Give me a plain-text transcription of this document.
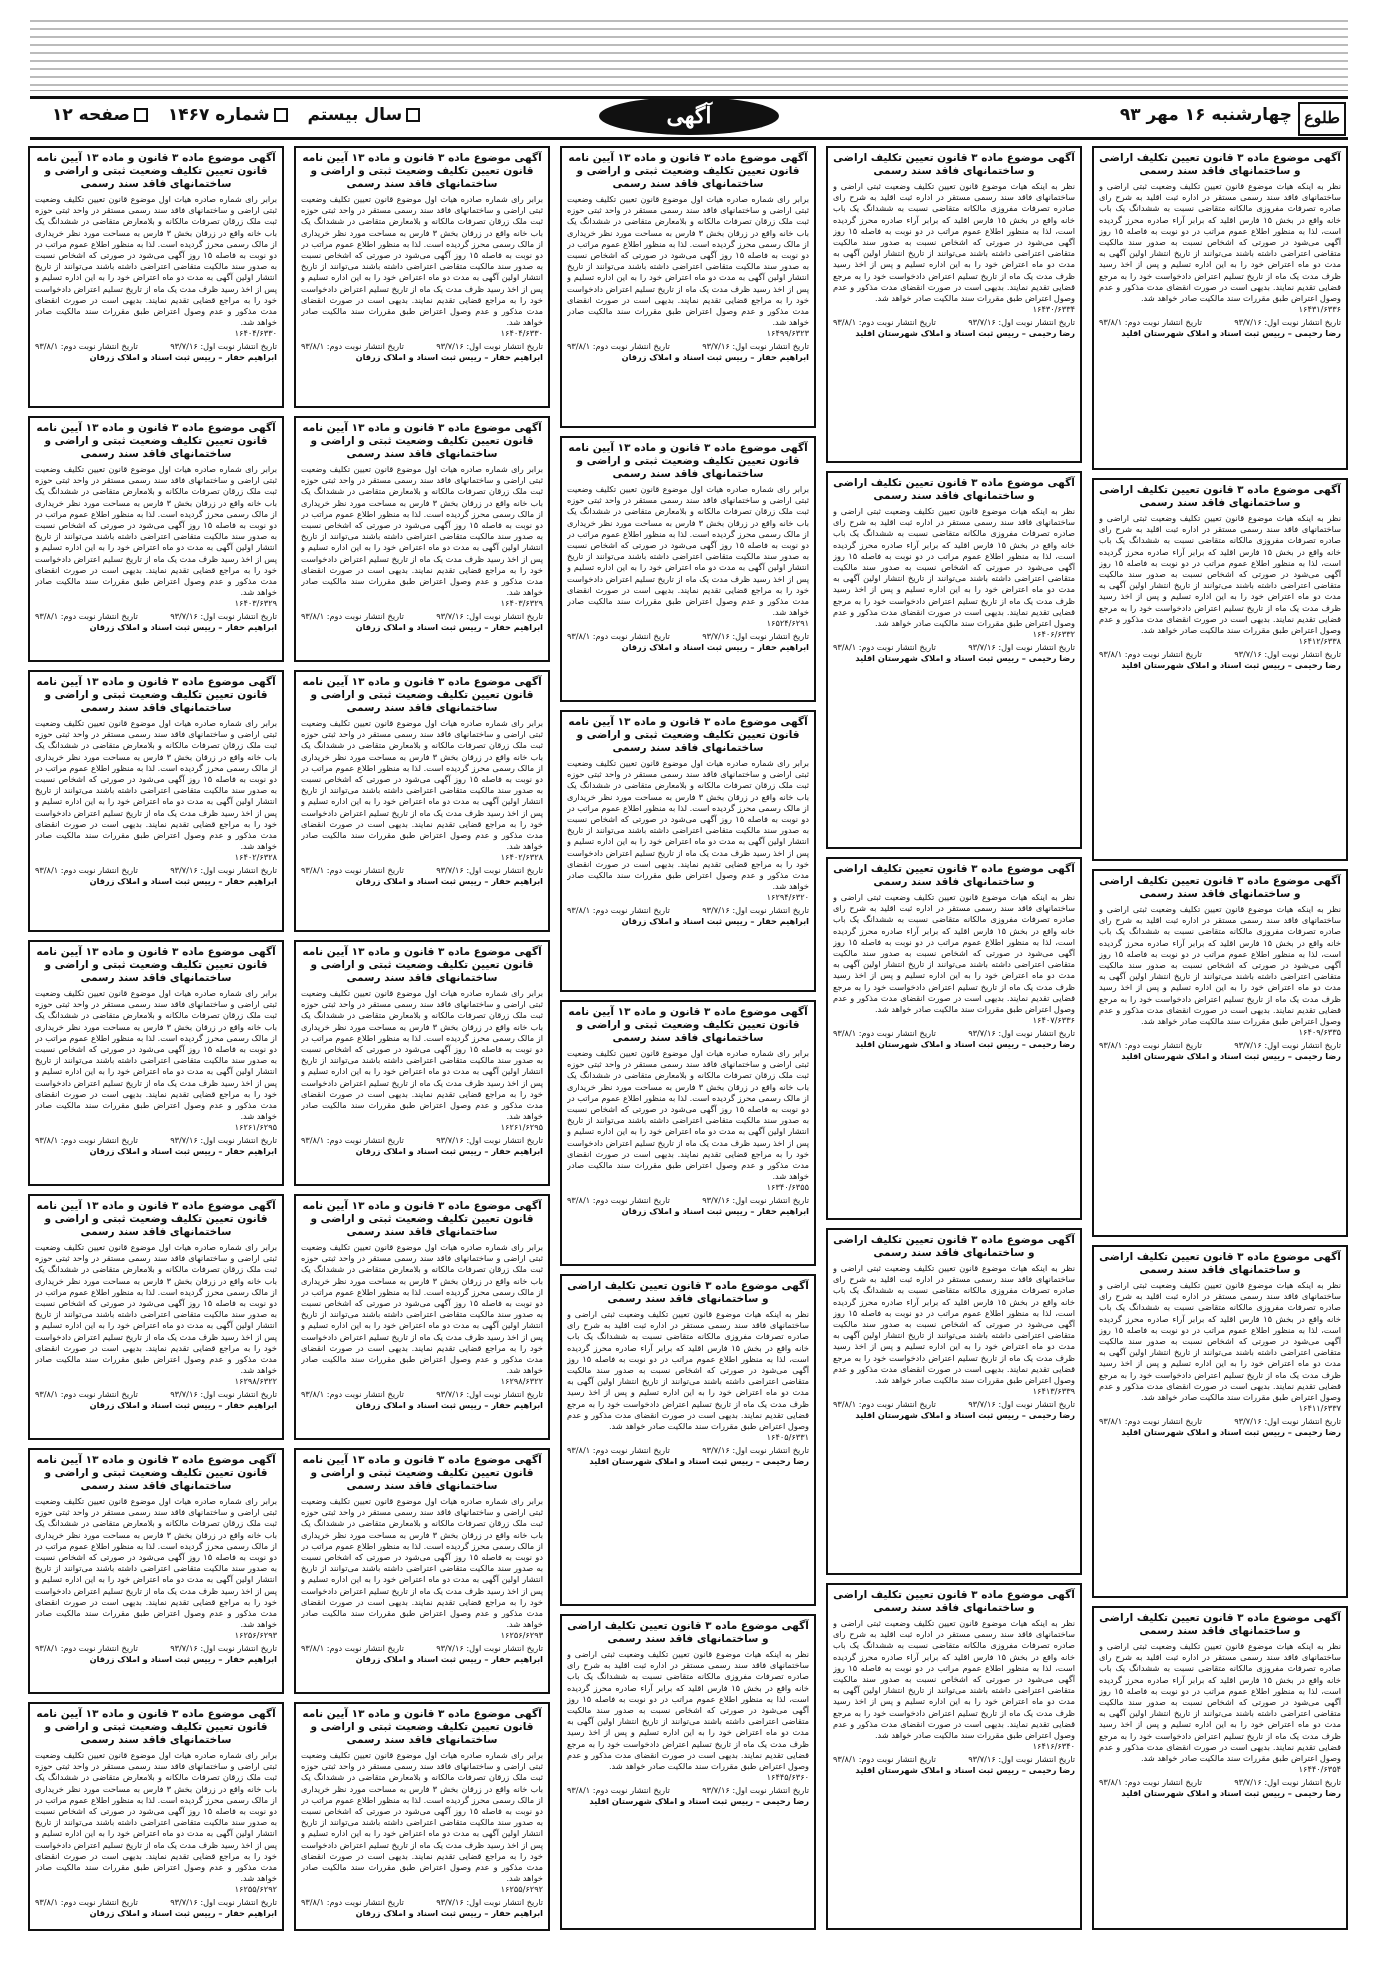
طلوع
چهارشنبه ۱۶ مهر ۹۳
آگهی
سال بیستم شماره ۱۴۶۷ صفحه ۱۲
آگهی موضوع ماده ۳ قانون تعیین تکلیف اراضی و ساختمانهای فاقد سند رسمی
نظر به اینکه هیات موضوع قانون تعیین تکلیف وضعیت ثبتی اراضی و ساختمانهای فاقد سند رسمی مستقر در اداره ثبت اقلید به شرح رای صادره تصرفات مفروزی مالکانه متقاضی نسبت به ششدانگ یک باب خانه واقع در بخش ۱۵ فارس اقلید که برابر آراء صادره محرز گردیده است، لذا به منظور اطلاع عموم مراتب در دو نوبت به فاصله ۱۵ روز آگهی می‌شود در صورتی که اشخاص نسبت به صدور سند مالکیت متقاضی اعتراضی داشته باشند می‌توانند از تاریخ انتشار اولین آگهی به مدت دو ماه اعتراض خود را به این اداره تسلیم و پس از اخذ رسید ظرف مدت یک ماه از تاریخ تسلیم اعتراض دادخواست خود را به مرجع قضایی تقدیم نمایند. بدیهی است در صورت انقضای مدت مذکور و عدم وصول اعتراض طبق مقررات سند مالکیت صادر خواهد شد.
۱۶۴۳۱/۶۳۳۶
تاریخ انتشار نوبت اول: ۹۳/۷/۱۶
تاریخ انتشار نوبت دوم: ۹۳/۸/۱
رضا رحیمی – رییس ثبت اسناد و املاک شهرستان اقلید
آگهی موضوع ماده ۳ قانون تعیین تکلیف اراضی و ساختمانهای فاقد سند رسمی
نظر به اینکه هیات موضوع قانون تعیین تکلیف وضعیت ثبتی اراضی و ساختمانهای فاقد سند رسمی مستقر در اداره ثبت اقلید به شرح رای صادره تصرفات مفروزی مالکانه متقاضی نسبت به ششدانگ یک باب خانه واقع در بخش ۱۵ فارس اقلید که برابر آراء صادره محرز گردیده است، لذا به منظور اطلاع عموم مراتب در دو نوبت به فاصله ۱۵ روز آگهی می‌شود در صورتی که اشخاص نسبت به صدور سند مالکیت متقاضی اعتراضی داشته باشند می‌توانند از تاریخ انتشار اولین آگهی به مدت دو ماه اعتراض خود را به این اداره تسلیم و پس از اخذ رسید ظرف مدت یک ماه از تاریخ تسلیم اعتراض دادخواست خود را به مرجع قضایی تقدیم نمایند. بدیهی است در صورت انقضای مدت مذکور و عدم وصول اعتراض طبق مقررات سند مالکیت صادر خواهد شد.
۱۶۴۱۲/۶۳۳۸
تاریخ انتشار نوبت اول: ۹۳/۷/۱۶
تاریخ انتشار نوبت دوم: ۹۳/۸/۱
رضا رحیمی – رییس ثبت اسناد و املاک شهرستان اقلید
آگهی موضوع ماده ۳ قانون تعیین تکلیف اراضی و ساختمانهای فاقد سند رسمی
نظر به اینکه هیات موضوع قانون تعیین تکلیف وضعیت ثبتی اراضی و ساختمانهای فاقد سند رسمی مستقر در اداره ثبت اقلید به شرح رای صادره تصرفات مفروزی مالکانه متقاضی نسبت به ششدانگ یک باب خانه واقع در بخش ۱۵ فارس اقلید که برابر آراء صادره محرز گردیده است، لذا به منظور اطلاع عموم مراتب در دو نوبت به فاصله ۱۵ روز آگهی می‌شود در صورتی که اشخاص نسبت به صدور سند مالکیت متقاضی اعتراضی داشته باشند می‌توانند از تاریخ انتشار اولین آگهی به مدت دو ماه اعتراض خود را به این اداره تسلیم و پس از اخذ رسید ظرف مدت یک ماه از تاریخ تسلیم اعتراض دادخواست خود را به مرجع قضایی تقدیم نمایند. بدیهی است در صورت انقضای مدت مذکور و عدم وصول اعتراض طبق مقررات سند مالکیت صادر خواهد شد.
۱۶۴۰۹/۶۳۳۵
تاریخ انتشار نوبت اول: ۹۳/۷/۱۶
تاریخ انتشار نوبت دوم: ۹۳/۸/۱
رضا رحیمی – رییس ثبت اسناد و املاک شهرستان اقلید
آگهی موضوع ماده ۳ قانون تعیین تکلیف اراضی و ساختمانهای فاقد سند رسمی
نظر به اینکه هیات موضوع قانون تعیین تکلیف وضعیت ثبتی اراضی و ساختمانهای فاقد سند رسمی مستقر در اداره ثبت اقلید به شرح رای صادره تصرفات مفروزی مالکانه متقاضی نسبت به ششدانگ یک باب خانه واقع در بخش ۱۵ فارس اقلید که برابر آراء صادره محرز گردیده است، لذا به منظور اطلاع عموم مراتب در دو نوبت به فاصله ۱۵ روز آگهی می‌شود در صورتی که اشخاص نسبت به صدور سند مالکیت متقاضی اعتراضی داشته باشند می‌توانند از تاریخ انتشار اولین آگهی به مدت دو ماه اعتراض خود را به این اداره تسلیم و پس از اخذ رسید ظرف مدت یک ماه از تاریخ تسلیم اعتراض دادخواست خود را به مرجع قضایی تقدیم نمایند. بدیهی است در صورت انقضای مدت مذکور و عدم وصول اعتراض طبق مقررات سند مالکیت صادر خواهد شد.
۱۶۴۱۱/۶۳۳۷
تاریخ انتشار نوبت اول: ۹۳/۷/۱۶
تاریخ انتشار نوبت دوم: ۹۳/۸/۱
رضا رحیمی – رییس ثبت اسناد و املاک شهرستان اقلید
آگهی موضوع ماده ۳ قانون تعیین تکلیف اراضی و ساختمانهای فاقد سند رسمی
نظر به اینکه هیات موضوع قانون تعیین تکلیف وضعیت ثبتی اراضی و ساختمانهای فاقد سند رسمی مستقر در اداره ثبت اقلید به شرح رای صادره تصرفات مفروزی مالکانه متقاضی نسبت به ششدانگ یک باب خانه واقع در بخش ۱۵ فارس اقلید که برابر آراء صادره محرز گردیده است، لذا به منظور اطلاع عموم مراتب در دو نوبت به فاصله ۱۵ روز آگهی می‌شود در صورتی که اشخاص نسبت به صدور سند مالکیت متقاضی اعتراضی داشته باشند می‌توانند از تاریخ انتشار اولین آگهی به مدت دو ماه اعتراض خود را به این اداره تسلیم و پس از اخذ رسید ظرف مدت یک ماه از تاریخ تسلیم اعتراض دادخواست خود را به مرجع قضایی تقدیم نمایند. بدیهی است در صورت انقضای مدت مذکور و عدم وصول اعتراض طبق مقررات سند مالکیت صادر خواهد شد.
۱۶۴۴۰/۶۳۵۴
تاریخ انتشار نوبت اول: ۹۳/۷/۱۶
تاریخ انتشار نوبت دوم: ۹۳/۸/۱
رضا رحیمی – رییس ثبت اسناد و املاک شهرستان اقلید
آگهی موضوع ماده ۳ قانون تعیین تکلیف اراضی و ساختمانهای فاقد سند رسمی
نظر به اینکه هیات موضوع قانون تعیین تکلیف وضعیت ثبتی اراضی و ساختمانهای فاقد سند رسمی مستقر در اداره ثبت اقلید به شرح رای صادره تصرفات مفروزی مالکانه متقاضی نسبت به ششدانگ یک باب خانه واقع در بخش ۱۵ فارس اقلید که برابر آراء صادره محرز گردیده است، لذا به منظور اطلاع عموم مراتب در دو نوبت به فاصله ۱۵ روز آگهی می‌شود در صورتی که اشخاص نسبت به صدور سند مالکیت متقاضی اعتراضی داشته باشند می‌توانند از تاریخ انتشار اولین آگهی به مدت دو ماه اعتراض خود را به این اداره تسلیم و پس از اخذ رسید ظرف مدت یک ماه از تاریخ تسلیم اعتراض دادخواست خود را به مرجع قضایی تقدیم نمایند. بدیهی است در صورت انقضای مدت مذکور و عدم وصول اعتراض طبق مقررات سند مالکیت صادر خواهد شد.
۱۶۴۳۰/۶۳۳۴
تاریخ انتشار نوبت اول: ۹۳/۷/۱۶
تاریخ انتشار نوبت دوم: ۹۳/۸/۱
رضا رحیمی – رییس ثبت اسناد و املاک شهرستان اقلید
آگهی موضوع ماده ۳ قانون تعیین تکلیف اراضی و ساختمانهای فاقد سند رسمی
نظر به اینکه هیات موضوع قانون تعیین تکلیف وضعیت ثبتی اراضی و ساختمانهای فاقد سند رسمی مستقر در اداره ثبت اقلید به شرح رای صادره تصرفات مفروزی مالکانه متقاضی نسبت به ششدانگ یک باب خانه واقع در بخش ۱۵ فارس اقلید که برابر آراء صادره محرز گردیده است، لذا به منظور اطلاع عموم مراتب در دو نوبت به فاصله ۱۵ روز آگهی می‌شود در صورتی که اشخاص نسبت به صدور سند مالکیت متقاضی اعتراضی داشته باشند می‌توانند از تاریخ انتشار اولین آگهی به مدت دو ماه اعتراض خود را به این اداره تسلیم و پس از اخذ رسید ظرف مدت یک ماه از تاریخ تسلیم اعتراض دادخواست خود را به مرجع قضایی تقدیم نمایند. بدیهی است در صورت انقضای مدت مذکور و عدم وصول اعتراض طبق مقررات سند مالکیت صادر خواهد شد.
۱۶۴۰۶/۶۳۳۲
تاریخ انتشار نوبت اول: ۹۳/۷/۱۶
تاریخ انتشار نوبت دوم: ۹۳/۸/۱
رضا رحیمی – رییس ثبت اسناد و املاک شهرستان اقلید
آگهی موضوع ماده ۳ قانون تعیین تکلیف اراضی و ساختمانهای فاقد سند رسمی
نظر به اینکه هیات موضوع قانون تعیین تکلیف وضعیت ثبتی اراضی و ساختمانهای فاقد سند رسمی مستقر در اداره ثبت اقلید به شرح رای صادره تصرفات مفروزی مالکانه متقاضی نسبت به ششدانگ یک باب خانه واقع در بخش ۱۵ فارس اقلید که برابر آراء صادره محرز گردیده است، لذا به منظور اطلاع عموم مراتب در دو نوبت به فاصله ۱۵ روز آگهی می‌شود در صورتی که اشخاص نسبت به صدور سند مالکیت متقاضی اعتراضی داشته باشند می‌توانند از تاریخ انتشار اولین آگهی به مدت دو ماه اعتراض خود را به این اداره تسلیم و پس از اخذ رسید ظرف مدت یک ماه از تاریخ تسلیم اعتراض دادخواست خود را به مرجع قضایی تقدیم نمایند. بدیهی است در صورت انقضای مدت مذکور و عدم وصول اعتراض طبق مقررات سند مالکیت صادر خواهد شد.
۱۶۴۰۷/۶۳۳۶
تاریخ انتشار نوبت اول: ۹۳/۷/۱۶
تاریخ انتشار نوبت دوم: ۹۳/۸/۱
رضا رحیمی – رییس ثبت اسناد و املاک شهرستان اقلید
آگهی موضوع ماده ۳ قانون تعیین تکلیف اراضی و ساختمانهای فاقد سند رسمی
نظر به اینکه هیات موضوع قانون تعیین تکلیف وضعیت ثبتی اراضی و ساختمانهای فاقد سند رسمی مستقر در اداره ثبت اقلید به شرح رای صادره تصرفات مفروزی مالکانه متقاضی نسبت به ششدانگ یک باب خانه واقع در بخش ۱۵ فارس اقلید که برابر آراء صادره محرز گردیده است، لذا به منظور اطلاع عموم مراتب در دو نوبت به فاصله ۱۵ روز آگهی می‌شود در صورتی که اشخاص نسبت به صدور سند مالکیت متقاضی اعتراضی داشته باشند می‌توانند از تاریخ انتشار اولین آگهی به مدت دو ماه اعتراض خود را به این اداره تسلیم و پس از اخذ رسید ظرف مدت یک ماه از تاریخ تسلیم اعتراض دادخواست خود را به مرجع قضایی تقدیم نمایند. بدیهی است در صورت انقضای مدت مذکور و عدم وصول اعتراض طبق مقررات سند مالکیت صادر خواهد شد.
۱۶۴۱۳/۶۳۳۹
تاریخ انتشار نوبت اول: ۹۳/۷/۱۶
تاریخ انتشار نوبت دوم: ۹۳/۸/۱
رضا رحیمی – رییس ثبت اسناد و املاک شهرستان اقلید
آگهی موضوع ماده ۳ قانون تعیین تکلیف اراضی و ساختمانهای فاقد سند رسمی
نظر به اینکه هیات موضوع قانون تعیین تکلیف وضعیت ثبتی اراضی و ساختمانهای فاقد سند رسمی مستقر در اداره ثبت اقلید به شرح رای صادره تصرفات مفروزی مالکانه متقاضی نسبت به ششدانگ یک باب خانه واقع در بخش ۱۵ فارس اقلید که برابر آراء صادره محرز گردیده است، لذا به منظور اطلاع عموم مراتب در دو نوبت به فاصله ۱۵ روز آگهی می‌شود در صورتی که اشخاص نسبت به صدور سند مالکیت متقاضی اعتراضی داشته باشند می‌توانند از تاریخ انتشار اولین آگهی به مدت دو ماه اعتراض خود را به این اداره تسلیم و پس از اخذ رسید ظرف مدت یک ماه از تاریخ تسلیم اعتراض دادخواست خود را به مرجع قضایی تقدیم نمایند. بدیهی است در صورت انقضای مدت مذکور و عدم وصول اعتراض طبق مقررات سند مالکیت صادر خواهد شد.
۱۶۴۱۶/۶۳۴۰
تاریخ انتشار نوبت اول: ۹۳/۷/۱۶
تاریخ انتشار نوبت دوم: ۹۳/۸/۱
رضا رحیمی – رییس ثبت اسناد و املاک شهرستان اقلید
آگهی موضوع ماده ۳ قانون و ماده ۱۳ آیین نامه قانون تعیین تکلیف وضعیت ثبتی و اراضی و ساختمانهای فاقد سند رسمی
برابر رای شماره صادره هیات اول موضوع قانون تعیین تکلیف وضعیت ثبتی اراضی و ساختمانهای فاقد سند رسمی مستقر در واحد ثبتی حوزه ثبت ملک زرقان تصرفات مالکانه و بلامعارض متقاضی در ششدانگ یک باب خانه واقع در زرقان بخش ۳ فارس به مساحت مورد نظر خریداری از مالک رسمی محرز گردیده است. لذا به منظور اطلاع عموم مراتب در دو نوبت به فاصله ۱۵ روز آگهی می‌شود در صورتی که اشخاص نسبت به صدور سند مالکیت متقاضی اعتراضی داشته باشند می‌توانند از تاریخ انتشار اولین آگهی به مدت دو ماه اعتراض خود را به این اداره تسلیم و پس از اخذ رسید ظرف مدت یک ماه از تاریخ تسلیم اعتراض دادخواست خود را به مراجع قضایی تقدیم نمایند. بدیهی است در صورت انقضای مدت مذکور و عدم وصول اعتراض طبق مقررات سند مالکیت صادر خواهد شد.
۱۶۴۹۹/۶۳۲۳
تاریخ انتشار نوبت اول: ۹۳/۷/۱۶
تاریخ انتشار نوبت دوم: ۹۳/۸/۱
ابراهیم حفار – رییس ثبت اسناد و املاک زرقان
آگهی موضوع ماده ۳ قانون و ماده ۱۳ آیین نامه قانون تعیین تکلیف وضعیت ثبتی و اراضی و ساختمانهای فاقد سند رسمی
برابر رای شماره صادره هیات اول موضوع قانون تعیین تکلیف وضعیت ثبتی اراضی و ساختمانهای فاقد سند رسمی مستقر در واحد ثبتی حوزه ثبت ملک زرقان تصرفات مالکانه و بلامعارض متقاضی در ششدانگ یک باب خانه واقع در زرقان بخش ۳ فارس به مساحت مورد نظر خریداری از مالک رسمی محرز گردیده است. لذا به منظور اطلاع عموم مراتب در دو نوبت به فاصله ۱۵ روز آگهی می‌شود در صورتی که اشخاص نسبت به صدور سند مالکیت متقاضی اعتراضی داشته باشند می‌توانند از تاریخ انتشار اولین آگهی به مدت دو ماه اعتراض خود را به این اداره تسلیم و پس از اخذ رسید ظرف مدت یک ماه از تاریخ تسلیم اعتراض دادخواست خود را به مراجع قضایی تقدیم نمایند. بدیهی است در صورت انقضای مدت مذکور و عدم وصول اعتراض طبق مقررات سند مالکیت صادر خواهد شد.
۱۶۵۲۴/۶۲۹۱
تاریخ انتشار نوبت اول: ۹۳/۷/۱۶
تاریخ انتشار نوبت دوم: ۹۳/۸/۱
ابراهیم حفار – رییس ثبت اسناد و املاک زرقان
آگهی موضوع ماده ۳ قانون و ماده ۱۳ آیین نامه قانون تعیین تکلیف وضعیت ثبتی و اراضی و ساختمانهای فاقد سند رسمی
برابر رای شماره صادره هیات اول موضوع قانون تعیین تکلیف وضعیت ثبتی اراضی و ساختمانهای فاقد سند رسمی مستقر در واحد ثبتی حوزه ثبت ملک زرقان تصرفات مالکانه و بلامعارض متقاضی در ششدانگ یک باب خانه واقع در زرقان بخش ۳ فارس به مساحت مورد نظر خریداری از مالک رسمی محرز گردیده است. لذا به منظور اطلاع عموم مراتب در دو نوبت به فاصله ۱۵ روز آگهی می‌شود در صورتی که اشخاص نسبت به صدور سند مالکیت متقاضی اعتراضی داشته باشند می‌توانند از تاریخ انتشار اولین آگهی به مدت دو ماه اعتراض خود را به این اداره تسلیم و پس از اخذ رسید ظرف مدت یک ماه از تاریخ تسلیم اعتراض دادخواست خود را به مراجع قضایی تقدیم نمایند. بدیهی است در صورت انقضای مدت مذکور و عدم وصول اعتراض طبق مقررات سند مالکیت صادر خواهد شد.
۱۶۲۹۴/۶۳۲۰
تاریخ انتشار نوبت اول: ۹۳/۷/۱۶
تاریخ انتشار نوبت دوم: ۹۳/۸/۱
ابراهیم حفار – رییس ثبت اسناد و املاک زرقان
آگهی موضوع ماده ۳ قانون و ماده ۱۳ آیین نامه قانون تعیین تکلیف وضعیت ثبتی و اراضی و ساختمانهای فاقد سند رسمی
برابر رای شماره صادره هیات اول موضوع قانون تعیین تکلیف وضعیت ثبتی اراضی و ساختمانهای فاقد سند رسمی مستقر در واحد ثبتی حوزه ثبت ملک زرقان تصرفات مالکانه و بلامعارض متقاضی در ششدانگ یک باب خانه واقع در زرقان بخش ۳ فارس به مساحت مورد نظر خریداری از مالک رسمی محرز گردیده است. لذا به منظور اطلاع عموم مراتب در دو نوبت به فاصله ۱۵ روز آگهی می‌شود در صورتی که اشخاص نسبت به صدور سند مالکیت متقاضی اعتراضی داشته باشند می‌توانند از تاریخ انتشار اولین آگهی به مدت دو ماه اعتراض خود را به این اداره تسلیم و پس از اخذ رسید ظرف مدت یک ماه از تاریخ تسلیم اعتراض دادخواست خود را به مراجع قضایی تقدیم نمایند. بدیهی است در صورت انقضای مدت مذکور و عدم وصول اعتراض طبق مقررات سند مالکیت صادر خواهد شد.
۱۶۳۴۰/۶۳۵۵
تاریخ انتشار نوبت اول: ۹۳/۷/۱۶
تاریخ انتشار نوبت دوم: ۹۳/۸/۱
ابراهیم حفار – رییس ثبت اسناد و املاک زرقان
آگهی موضوع ماده ۳ قانون تعیین تکلیف اراضی و ساختمانهای فاقد سند رسمی
نظر به اینکه هیات موضوع قانون تعیین تکلیف وضعیت ثبتی اراضی و ساختمانهای فاقد سند رسمی مستقر در اداره ثبت اقلید به شرح رای صادره تصرفات مفروزی مالکانه متقاضی نسبت به ششدانگ یک باب خانه واقع در بخش ۱۵ فارس اقلید که برابر آراء صادره محرز گردیده است، لذا به منظور اطلاع عموم مراتب در دو نوبت به فاصله ۱۵ روز آگهی می‌شود در صورتی که اشخاص نسبت به صدور سند مالکیت متقاضی اعتراضی داشته باشند می‌توانند از تاریخ انتشار اولین آگهی به مدت دو ماه اعتراض خود را به این اداره تسلیم و پس از اخذ رسید ظرف مدت یک ماه از تاریخ تسلیم اعتراض دادخواست خود را به مرجع قضایی تقدیم نمایند. بدیهی است در صورت انقضای مدت مذکور و عدم وصول اعتراض طبق مقررات سند مالکیت صادر خواهد شد.
۱۶۴۰۵/۶۳۳۱
تاریخ انتشار نوبت اول: ۹۳/۷/۱۶
تاریخ انتشار نوبت دوم: ۹۳/۸/۱
رضا رحیمی – رییس ثبت اسناد و املاک شهرستان اقلید
آگهی موضوع ماده ۳ قانون تعیین تکلیف اراضی و ساختمانهای فاقد سند رسمی
نظر به اینکه هیات موضوع قانون تعیین تکلیف وضعیت ثبتی اراضی و ساختمانهای فاقد سند رسمی مستقر در اداره ثبت اقلید به شرح رای صادره تصرفات مفروزی مالکانه متقاضی نسبت به ششدانگ یک باب خانه واقع در بخش ۱۵ فارس اقلید که برابر آراء صادره محرز گردیده است، لذا به منظور اطلاع عموم مراتب در دو نوبت به فاصله ۱۵ روز آگهی می‌شود در صورتی که اشخاص نسبت به صدور سند مالکیت متقاضی اعتراضی داشته باشند می‌توانند از تاریخ انتشار اولین آگهی به مدت دو ماه اعتراض خود را به این اداره تسلیم و پس از اخذ رسید ظرف مدت یک ماه از تاریخ تسلیم اعتراض دادخواست خود را به مرجع قضایی تقدیم نمایند. بدیهی است در صورت انقضای مدت مذکور و عدم وصول اعتراض طبق مقررات سند مالکیت صادر خواهد شد.
۱۶۴۴۵/۶۳۶۰
تاریخ انتشار نوبت اول: ۹۳/۷/۱۶
تاریخ انتشار نوبت دوم: ۹۳/۸/۱
رضا رحیمی – رییس ثبت اسناد و املاک شهرستان اقلید
آگهی موضوع ماده ۳ قانون و ماده ۱۳ آیین نامه قانون تعیین تکلیف وضعیت ثبتی و اراضی و ساختمانهای فاقد سند رسمی
برابر رای شماره صادره هیات اول موضوع قانون تعیین تکلیف وضعیت ثبتی اراضی و ساختمانهای فاقد سند رسمی مستقر در واحد ثبتی حوزه ثبت ملک زرقان تصرفات مالکانه و بلامعارض متقاضی در ششدانگ یک باب خانه واقع در زرقان بخش ۳ فارس به مساحت مورد نظر خریداری از مالک رسمی محرز گردیده است. لذا به منظور اطلاع عموم مراتب در دو نوبت به فاصله ۱۵ روز آگهی می‌شود در صورتی که اشخاص نسبت به صدور سند مالکیت متقاضی اعتراضی داشته باشند می‌توانند از تاریخ انتشار اولین آگهی به مدت دو ماه اعتراض خود را به این اداره تسلیم و پس از اخذ رسید ظرف مدت یک ماه از تاریخ تسلیم اعتراض دادخواست خود را به مراجع قضایی تقدیم نمایند. بدیهی است در صورت انقضای مدت مذکور و عدم وصول اعتراض طبق مقررات سند مالکیت صادر خواهد شد.
۱۶۴۰۴/۶۳۳۰
تاریخ انتشار نوبت اول: ۹۳/۷/۱۶
تاریخ انتشار نوبت دوم: ۹۳/۸/۱
ابراهیم حفار – رییس ثبت اسناد و املاک زرقان
آگهی موضوع ماده ۳ قانون و ماده ۱۳ آیین نامه قانون تعیین تکلیف وضعیت ثبتی و اراضی و ساختمانهای فاقد سند رسمی
برابر رای شماره صادره هیات اول موضوع قانون تعیین تکلیف وضعیت ثبتی اراضی و ساختمانهای فاقد سند رسمی مستقر در واحد ثبتی حوزه ثبت ملک زرقان تصرفات مالکانه و بلامعارض متقاضی در ششدانگ یک باب خانه واقع در زرقان بخش ۳ فارس به مساحت مورد نظر خریداری از مالک رسمی محرز گردیده است. لذا به منظور اطلاع عموم مراتب در دو نوبت به فاصله ۱۵ روز آگهی می‌شود در صورتی که اشخاص نسبت به صدور سند مالکیت متقاضی اعتراضی داشته باشند می‌توانند از تاریخ انتشار اولین آگهی به مدت دو ماه اعتراض خود را به این اداره تسلیم و پس از اخذ رسید ظرف مدت یک ماه از تاریخ تسلیم اعتراض دادخواست خود را به مراجع قضایی تقدیم نمایند. بدیهی است در صورت انقضای مدت مذکور و عدم وصول اعتراض طبق مقررات سند مالکیت صادر خواهد شد.
۱۶۴۰۳/۶۳۲۹
تاریخ انتشار نوبت اول: ۹۳/۷/۱۶
تاریخ انتشار نوبت دوم: ۹۳/۸/۱
ابراهیم حفار – رییس ثبت اسناد و املاک زرقان
آگهی موضوع ماده ۳ قانون و ماده ۱۳ آیین نامه قانون تعیین تکلیف وضعیت ثبتی و اراضی و ساختمانهای فاقد سند رسمی
برابر رای شماره صادره هیات اول موضوع قانون تعیین تکلیف وضعیت ثبتی اراضی و ساختمانهای فاقد سند رسمی مستقر در واحد ثبتی حوزه ثبت ملک زرقان تصرفات مالکانه و بلامعارض متقاضی در ششدانگ یک باب خانه واقع در زرقان بخش ۳ فارس به مساحت مورد نظر خریداری از مالک رسمی محرز گردیده است. لذا به منظور اطلاع عموم مراتب در دو نوبت به فاصله ۱۵ روز آگهی می‌شود در صورتی که اشخاص نسبت به صدور سند مالکیت متقاضی اعتراضی داشته باشند می‌توانند از تاریخ انتشار اولین آگهی به مدت دو ماه اعتراض خود را به این اداره تسلیم و پس از اخذ رسید ظرف مدت یک ماه از تاریخ تسلیم اعتراض دادخواست خود را به مراجع قضایی تقدیم نمایند. بدیهی است در صورت انقضای مدت مذکور و عدم وصول اعتراض طبق مقررات سند مالکیت صادر خواهد شد.
۱۶۴۰۲/۶۳۲۸
تاریخ انتشار نوبت اول: ۹۳/۷/۱۶
تاریخ انتشار نوبت دوم: ۹۳/۸/۱
ابراهیم حفار – رییس ثبت اسناد و املاک زرقان
آگهی موضوع ماده ۳ قانون و ماده ۱۳ آیین نامه قانون تعیین تکلیف وضعیت ثبتی و اراضی و ساختمانهای فاقد سند رسمی
برابر رای شماره صادره هیات اول موضوع قانون تعیین تکلیف وضعیت ثبتی اراضی و ساختمانهای فاقد سند رسمی مستقر در واحد ثبتی حوزه ثبت ملک زرقان تصرفات مالکانه و بلامعارض متقاضی در ششدانگ یک باب خانه واقع در زرقان بخش ۳ فارس به مساحت مورد نظر خریداری از مالک رسمی محرز گردیده است. لذا به منظور اطلاع عموم مراتب در دو نوبت به فاصله ۱۵ روز آگهی می‌شود در صورتی که اشخاص نسبت به صدور سند مالکیت متقاضی اعتراضی داشته باشند می‌توانند از تاریخ انتشار اولین آگهی به مدت دو ماه اعتراض خود را به این اداره تسلیم و پس از اخذ رسید ظرف مدت یک ماه از تاریخ تسلیم اعتراض دادخواست خود را به مراجع قضایی تقدیم نمایند. بدیهی است در صورت انقضای مدت مذکور و عدم وصول اعتراض طبق مقررات سند مالکیت صادر خواهد شد.
۱۶۲۶۱/۶۲۹۵
تاریخ انتشار نوبت اول: ۹۳/۷/۱۶
تاریخ انتشار نوبت دوم: ۹۳/۸/۱
ابراهیم حفار – رییس ثبت اسناد و املاک زرقان
آگهی موضوع ماده ۳ قانون و ماده ۱۳ آیین نامه قانون تعیین تکلیف وضعیت ثبتی و اراضی و ساختمانهای فاقد سند رسمی
برابر رای شماره صادره هیات اول موضوع قانون تعیین تکلیف وضعیت ثبتی اراضی و ساختمانهای فاقد سند رسمی مستقر در واحد ثبتی حوزه ثبت ملک زرقان تصرفات مالکانه و بلامعارض متقاضی در ششدانگ یک باب خانه واقع در زرقان بخش ۳ فارس به مساحت مورد نظر خریداری از مالک رسمی محرز گردیده است. لذا به منظور اطلاع عموم مراتب در دو نوبت به فاصله ۱۵ روز آگهی می‌شود در صورتی که اشخاص نسبت به صدور سند مالکیت متقاضی اعتراضی داشته باشند می‌توانند از تاریخ انتشار اولین آگهی به مدت دو ماه اعتراض خود را به این اداره تسلیم و پس از اخذ رسید ظرف مدت یک ماه از تاریخ تسلیم اعتراض دادخواست خود را به مراجع قضایی تقدیم نمایند. بدیهی است در صورت انقضای مدت مذکور و عدم وصول اعتراض طبق مقررات سند مالکیت صادر خواهد شد.
۱۶۲۹۸/۶۳۲۲
تاریخ انتشار نوبت اول: ۹۳/۷/۱۶
تاریخ انتشار نوبت دوم: ۹۳/۸/۱
ابراهیم حفار – رییس ثبت اسناد و املاک زرقان
آگهی موضوع ماده ۳ قانون و ماده ۱۳ آیین نامه قانون تعیین تکلیف وضعیت ثبتی و اراضی و ساختمانهای فاقد سند رسمی
برابر رای شماره صادره هیات اول موضوع قانون تعیین تکلیف وضعیت ثبتی اراضی و ساختمانهای فاقد سند رسمی مستقر در واحد ثبتی حوزه ثبت ملک زرقان تصرفات مالکانه و بلامعارض متقاضی در ششدانگ یک باب خانه واقع در زرقان بخش ۳ فارس به مساحت مورد نظر خریداری از مالک رسمی محرز گردیده است. لذا به منظور اطلاع عموم مراتب در دو نوبت به فاصله ۱۵ روز آگهی می‌شود در صورتی که اشخاص نسبت به صدور سند مالکیت متقاضی اعتراضی داشته باشند می‌توانند از تاریخ انتشار اولین آگهی به مدت دو ماه اعتراض خود را به این اداره تسلیم و پس از اخذ رسید ظرف مدت یک ماه از تاریخ تسلیم اعتراض دادخواست خود را به مراجع قضایی تقدیم نمایند. بدیهی است در صورت انقضای مدت مذکور و عدم وصول اعتراض طبق مقررات سند مالکیت صادر خواهد شد.
۱۶۲۵۶/۶۲۹۳
تاریخ انتشار نوبت اول: ۹۳/۷/۱۶
تاریخ انتشار نوبت دوم: ۹۳/۸/۱
ابراهیم حفار – رییس ثبت اسناد و املاک زرقان
آگهی موضوع ماده ۳ قانون و ماده ۱۳ آیین نامه قانون تعیین تکلیف وضعیت ثبتی و اراضی و ساختمانهای فاقد سند رسمی
برابر رای شماره صادره هیات اول موضوع قانون تعیین تکلیف وضعیت ثبتی اراضی و ساختمانهای فاقد سند رسمی مستقر در واحد ثبتی حوزه ثبت ملک زرقان تصرفات مالکانه و بلامعارض متقاضی در ششدانگ یک باب خانه واقع در زرقان بخش ۳ فارس به مساحت مورد نظر خریداری از مالک رسمی محرز گردیده است. لذا به منظور اطلاع عموم مراتب در دو نوبت به فاصله ۱۵ روز آگهی می‌شود در صورتی که اشخاص نسبت به صدور سند مالکیت متقاضی اعتراضی داشته باشند می‌توانند از تاریخ انتشار اولین آگهی به مدت دو ماه اعتراض خود را به این اداره تسلیم و پس از اخذ رسید ظرف مدت یک ماه از تاریخ تسلیم اعتراض دادخواست خود را به مراجع قضایی تقدیم نمایند. بدیهی است در صورت انقضای مدت مذکور و عدم وصول اعتراض طبق مقررات سند مالکیت صادر خواهد شد.
۱۶۲۵۵/۶۲۹۲
تاریخ انتشار نوبت اول: ۹۳/۷/۱۶
تاریخ انتشار نوبت دوم: ۹۳/۸/۱
ابراهیم حفار – رییس ثبت اسناد و املاک زرقان
آگهی موضوع ماده ۳ قانون و ماده ۱۳ آیین نامه قانون تعیین تکلیف وضعیت ثبتی و اراضی و ساختمانهای فاقد سند رسمی
برابر رای شماره صادره هیات اول موضوع قانون تعیین تکلیف وضعیت ثبتی اراضی و ساختمانهای فاقد سند رسمی مستقر در واحد ثبتی حوزه ثبت ملک زرقان تصرفات مالکانه و بلامعارض متقاضی در ششدانگ یک باب خانه واقع در زرقان بخش ۳ فارس به مساحت مورد نظر خریداری از مالک رسمی محرز گردیده است. لذا به منظور اطلاع عموم مراتب در دو نوبت به فاصله ۱۵ روز آگهی می‌شود در صورتی که اشخاص نسبت به صدور سند مالکیت متقاضی اعتراضی داشته باشند می‌توانند از تاریخ انتشار اولین آگهی به مدت دو ماه اعتراض خود را به این اداره تسلیم و پس از اخذ رسید ظرف مدت یک ماه از تاریخ تسلیم اعتراض دادخواست خود را به مراجع قضایی تقدیم نمایند. بدیهی است در صورت انقضای مدت مذکور و عدم وصول اعتراض طبق مقررات سند مالکیت صادر خواهد شد.
۱۶۴۰۴/۶۳۳۰
تاریخ انتشار نوبت اول: ۹۳/۷/۱۶
تاریخ انتشار نوبت دوم: ۹۳/۸/۱
ابراهیم حفار – رییس ثبت اسناد و املاک زرقان
آگهی موضوع ماده ۳ قانون و ماده ۱۳ آیین نامه قانون تعیین تکلیف وضعیت ثبتی و اراضی و ساختمانهای فاقد سند رسمی
برابر رای شماره صادره هیات اول موضوع قانون تعیین تکلیف وضعیت ثبتی اراضی و ساختمانهای فاقد سند رسمی مستقر در واحد ثبتی حوزه ثبت ملک زرقان تصرفات مالکانه و بلامعارض متقاضی در ششدانگ یک باب خانه واقع در زرقان بخش ۳ فارس به مساحت مورد نظر خریداری از مالک رسمی محرز گردیده است. لذا به منظور اطلاع عموم مراتب در دو نوبت به فاصله ۱۵ روز آگهی می‌شود در صورتی که اشخاص نسبت به صدور سند مالکیت متقاضی اعتراضی داشته باشند می‌توانند از تاریخ انتشار اولین آگهی به مدت دو ماه اعتراض خود را به این اداره تسلیم و پس از اخذ رسید ظرف مدت یک ماه از تاریخ تسلیم اعتراض دادخواست خود را به مراجع قضایی تقدیم نمایند. بدیهی است در صورت انقضای مدت مذکور و عدم وصول اعتراض طبق مقررات سند مالکیت صادر خواهد شد.
۱۶۴۰۳/۶۳۲۹
تاریخ انتشار نوبت اول: ۹۳/۷/۱۶
تاریخ انتشار نوبت دوم: ۹۳/۸/۱
ابراهیم حفار – رییس ثبت اسناد و املاک زرقان
آگهی موضوع ماده ۳ قانون و ماده ۱۳ آیین نامه قانون تعیین تکلیف وضعیت ثبتی و اراضی و ساختمانهای فاقد سند رسمی
برابر رای شماره صادره هیات اول موضوع قانون تعیین تکلیف وضعیت ثبتی اراضی و ساختمانهای فاقد سند رسمی مستقر در واحد ثبتی حوزه ثبت ملک زرقان تصرفات مالکانه و بلامعارض متقاضی در ششدانگ یک باب خانه واقع در زرقان بخش ۳ فارس به مساحت مورد نظر خریداری از مالک رسمی محرز گردیده است. لذا به منظور اطلاع عموم مراتب در دو نوبت به فاصله ۱۵ روز آگهی می‌شود در صورتی که اشخاص نسبت به صدور سند مالکیت متقاضی اعتراضی داشته باشند می‌توانند از تاریخ انتشار اولین آگهی به مدت دو ماه اعتراض خود را به این اداره تسلیم و پس از اخذ رسید ظرف مدت یک ماه از تاریخ تسلیم اعتراض دادخواست خود را به مراجع قضایی تقدیم نمایند. بدیهی است در صورت انقضای مدت مذکور و عدم وصول اعتراض طبق مقررات سند مالکیت صادر خواهد شد.
۱۶۴۰۲/۶۳۲۸
تاریخ انتشار نوبت اول: ۹۳/۷/۱۶
تاریخ انتشار نوبت دوم: ۹۳/۸/۱
ابراهیم حفار – رییس ثبت اسناد و املاک زرقان
آگهی موضوع ماده ۳ قانون و ماده ۱۳ آیین نامه قانون تعیین تکلیف وضعیت ثبتی و اراضی و ساختمانهای فاقد سند رسمی
برابر رای شماره صادره هیات اول موضوع قانون تعیین تکلیف وضعیت ثبتی اراضی و ساختمانهای فاقد سند رسمی مستقر در واحد ثبتی حوزه ثبت ملک زرقان تصرفات مالکانه و بلامعارض متقاضی در ششدانگ یک باب خانه واقع در زرقان بخش ۳ فارس به مساحت مورد نظر خریداری از مالک رسمی محرز گردیده است. لذا به منظور اطلاع عموم مراتب در دو نوبت به فاصله ۱۵ روز آگهی می‌شود در صورتی که اشخاص نسبت به صدور سند مالکیت متقاضی اعتراضی داشته باشند می‌توانند از تاریخ انتشار اولین آگهی به مدت دو ماه اعتراض خود را به این اداره تسلیم و پس از اخذ رسید ظرف مدت یک ماه از تاریخ تسلیم اعتراض دادخواست خود را به مراجع قضایی تقدیم نمایند. بدیهی است در صورت انقضای مدت مذکور و عدم وصول اعتراض طبق مقررات سند مالکیت صادر خواهد شد.
۱۶۲۶۱/۶۲۹۵
تاریخ انتشار نوبت اول: ۹۳/۷/۱۶
تاریخ انتشار نوبت دوم: ۹۳/۸/۱
ابراهیم حفار – رییس ثبت اسناد و املاک زرقان
آگهی موضوع ماده ۳ قانون و ماده ۱۳ آیین نامه قانون تعیین تکلیف وضعیت ثبتی و اراضی و ساختمانهای فاقد سند رسمی
برابر رای شماره صادره هیات اول موضوع قانون تعیین تکلیف وضعیت ثبتی اراضی و ساختمانهای فاقد سند رسمی مستقر در واحد ثبتی حوزه ثبت ملک زرقان تصرفات مالکانه و بلامعارض متقاضی در ششدانگ یک باب خانه واقع در زرقان بخش ۳ فارس به مساحت مورد نظر خریداری از مالک رسمی محرز گردیده است. لذا به منظور اطلاع عموم مراتب در دو نوبت به فاصله ۱۵ روز آگهی می‌شود در صورتی که اشخاص نسبت به صدور سند مالکیت متقاضی اعتراضی داشته باشند می‌توانند از تاریخ انتشار اولین آگهی به مدت دو ماه اعتراض خود را به این اداره تسلیم و پس از اخذ رسید ظرف مدت یک ماه از تاریخ تسلیم اعتراض دادخواست خود را به مراجع قضایی تقدیم نمایند. بدیهی است در صورت انقضای مدت مذکور و عدم وصول اعتراض طبق مقررات سند مالکیت صادر خواهد شد.
۱۶۲۹۸/۶۳۲۲
تاریخ انتشار نوبت اول: ۹۳/۷/۱۶
تاریخ انتشار نوبت دوم: ۹۳/۸/۱
ابراهیم حفار – رییس ثبت اسناد و املاک زرقان
آگهی موضوع ماده ۳ قانون و ماده ۱۳ آیین نامه قانون تعیین تکلیف وضعیت ثبتی و اراضی و ساختمانهای فاقد سند رسمی
برابر رای شماره صادره هیات اول موضوع قانون تعیین تکلیف وضعیت ثبتی اراضی و ساختمانهای فاقد سند رسمی مستقر در واحد ثبتی حوزه ثبت ملک زرقان تصرفات مالکانه و بلامعارض متقاضی در ششدانگ یک باب خانه واقع در زرقان بخش ۳ فارس به مساحت مورد نظر خریداری از مالک رسمی محرز گردیده است. لذا به منظور اطلاع عموم مراتب در دو نوبت به فاصله ۱۵ روز آگهی می‌شود در صورتی که اشخاص نسبت به صدور سند مالکیت متقاضی اعتراضی داشته باشند می‌توانند از تاریخ انتشار اولین آگهی به مدت دو ماه اعتراض خود را به این اداره تسلیم و پس از اخذ رسید ظرف مدت یک ماه از تاریخ تسلیم اعتراض دادخواست خود را به مراجع قضایی تقدیم نمایند. بدیهی است در صورت انقضای مدت مذکور و عدم وصول اعتراض طبق مقررات سند مالکیت صادر خواهد شد.
۱۶۲۵۶/۶۲۹۳
تاریخ انتشار نوبت اول: ۹۳/۷/۱۶
تاریخ انتشار نوبت دوم: ۹۳/۸/۱
ابراهیم حفار – رییس ثبت اسناد و املاک زرقان
آگهی موضوع ماده ۳ قانون و ماده ۱۳ آیین نامه قانون تعیین تکلیف وضعیت ثبتی و اراضی و ساختمانهای فاقد سند رسمی
برابر رای شماره صادره هیات اول موضوع قانون تعیین تکلیف وضعیت ثبتی اراضی و ساختمانهای فاقد سند رسمی مستقر در واحد ثبتی حوزه ثبت ملک زرقان تصرفات مالکانه و بلامعارض متقاضی در ششدانگ یک باب خانه واقع در زرقان بخش ۳ فارس به مساحت مورد نظر خریداری از مالک رسمی محرز گردیده است. لذا به منظور اطلاع عموم مراتب در دو نوبت به فاصله ۱۵ روز آگهی می‌شود در صورتی که اشخاص نسبت به صدور سند مالکیت متقاضی اعتراضی داشته باشند می‌توانند از تاریخ انتشار اولین آگهی به مدت دو ماه اعتراض خود را به این اداره تسلیم و پس از اخذ رسید ظرف مدت یک ماه از تاریخ تسلیم اعتراض دادخواست خود را به مراجع قضایی تقدیم نمایند. بدیهی است در صورت انقضای مدت مذکور و عدم وصول اعتراض طبق مقررات سند مالکیت صادر خواهد شد.
۱۶۲۵۵/۶۲۹۲
تاریخ انتشار نوبت اول: ۹۳/۷/۱۶
تاریخ انتشار نوبت دوم: ۹۳/۸/۱
ابراهیم حفار – رییس ثبت اسناد و املاک زرقان
